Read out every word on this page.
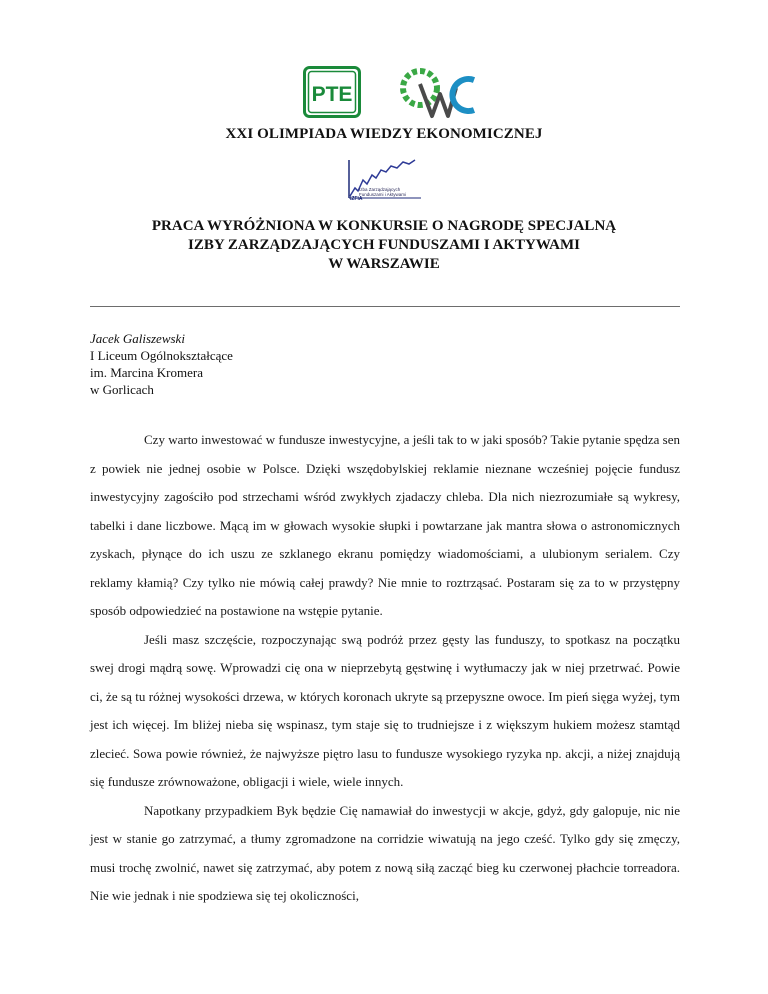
PTE
OWE
XXI OLIMPIADA WIEDZY EKONOMICZNEJ
Izba Zarządzających
Funduszami i Aktywami
IZFiA
PRACA WYRÓŻNIONA W KONKURSIE O NAGRODĘ SPECJALNĄ
IZBY ZARZĄDZAJĄCYCH FUNDUSZAMI I AKTYWAMI
W WARSZAWIE
Jacek Galiszewski
I Liceum Ogólnokształcące
im. Marcina Kromera
w Gorlicach

Czy warto inwestować w fundusze inwestycyjne, a jeśli tak to w jaki sposób? Takie pytanie spędza sen z powiek nie jednej osobie w Polsce. Dzięki wszędobylskiej reklamie nieznane wcześniej pojęcie fundusz inwestycyjny zagościło pod strzechami wśród zwykłych zjadaczy chleba. Dla nich niezrozumiałe są wykresy, tabelki i dane liczbowe. Mącą im w głowach wysokie słupki i powtarzane jak mantra słowa o astronomicznych zyskach, płynące do ich uszu ze szklanego ekranu pomiędzy wiadomościami, a ulubionym serialem. Czy reklamy kłamią? Czy tylko nie mówią całej prawdy? Nie mnie to roztrząsać. Postaram się za to w przystępny sposób odpowiedzieć na postawione na wstępie pytanie.

Jeśli masz szczęście, rozpoczynając swą podróż przez gęsty las funduszy, to spotkasz na początku swej drogi mądrą sowę. Wprowadzi cię ona w nieprzebytą gęstwinę i wytłumaczy jak w niej przetrwać. Powie ci, że są tu różnej wysokości drzewa, w których koronach ukryte są przepyszne owoce. Im pień sięga wyżej, tym jest ich więcej. Im bliżej nieba się wspinasz, tym staje się to trudniejsze i z większym hukiem możesz stamtąd zlecieć. Sowa powie również, że najwyższe piętro lasu to fundusze wysokiego ryzyka np. akcji, a niżej znajdują się fundusze zrównoważone, obligacji i wiele, wiele innych.

Napotkany przypadkiem Byk będzie Cię namawiał do inwestycji w akcje, gdyż, gdy galopuje, nic nie jest w stanie go zatrzymać, a tłumy zgromadzone na corridzie wiwatują na jego cześć. Tylko gdy się zmęczy, musi trochę zwolnić, nawet się zatrzymać, aby potem z nową siłą zacząć bieg ku czerwonej płachcie torreadora. Nie wie jednak i nie spodziewa się tej okoliczności,
